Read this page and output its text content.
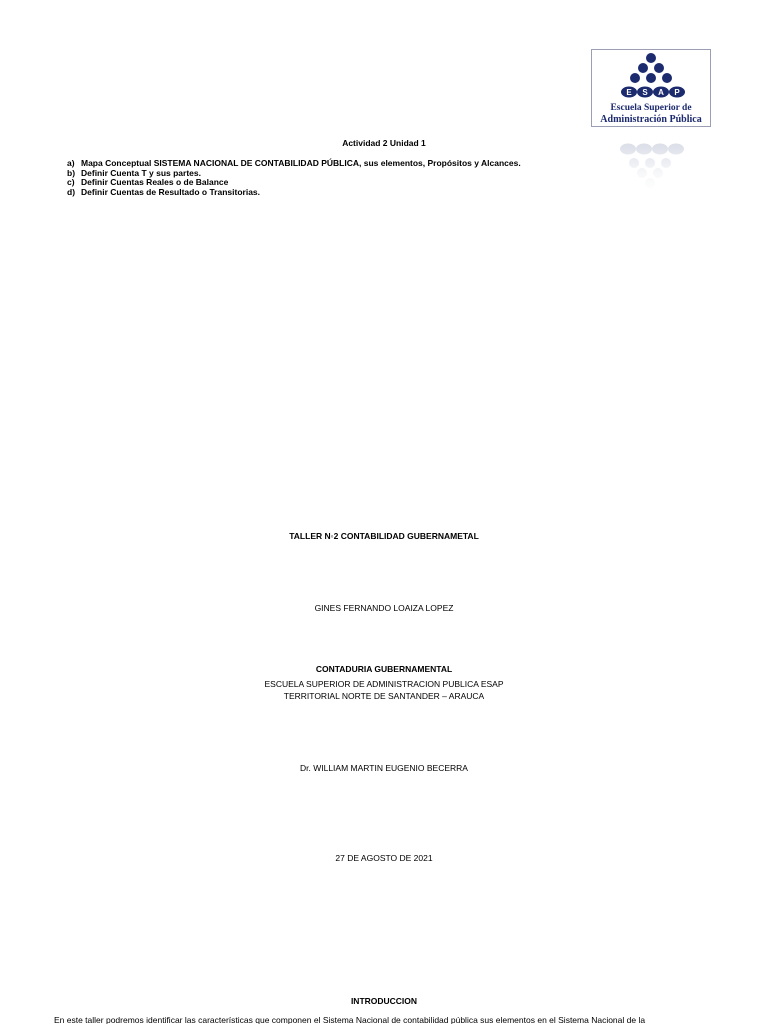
E S A P
Escuela Superior de
Administración Pública
Actividad 2 Unidad 1
a) Mapa Conceptual SISTEMA NACIONAL DE CONTABILIDAD PÚBLICA, sus elementos, Propósitos y Alcances.
b) Definir Cuenta T y sus partes.
c) Definir Cuentas Reales o de Balance
d) Definir Cuentas de Resultado o Transitorias.
TALLER N◦2 CONTABILIDAD GUBERNAMETAL
GINES FERNANDO LOAIZA LOPEZ
CONTADURIA GUBERNAMENTAL
ESCUELA SUPERIOR DE ADMINISTRACION PUBLICA ESAP
TERRITORIAL NORTE DE SANTANDER – ARAUCA
Dr. WILLIAM MARTIN EUGENIO BECERRA
27 DE AGOSTO DE 2021
INTRODUCCION
En este taller podremos identificar las características que componen el Sistema Nacional de contabilidad pública sus elementos en el Sistema Nacional de la
